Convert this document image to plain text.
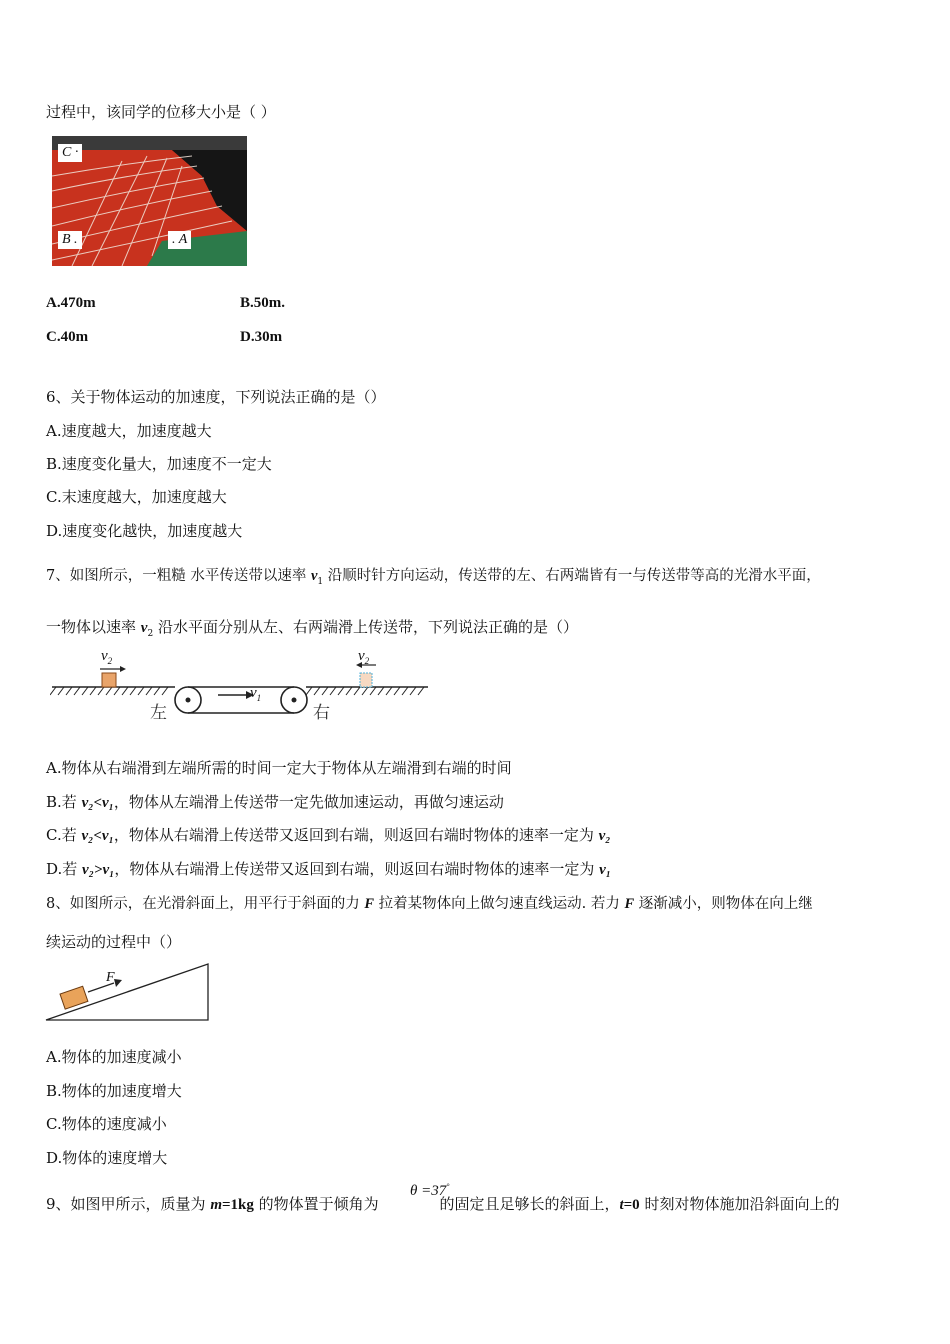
过程中，该同学的位移大小是（ ）
C ·
B .	. A
A.470m	B.50m.
C.40m	D.30m
6、关于物体运动的加速度，下列说法正确的是（）
A.速度越大，加速度越大
B.速度变化量大，加速度不一定大
C.末速度越大，加速度越大
D.速度变化越快，加速度越大
7、如图所示，一粗糙 水平传送带以速率 $v_1$ 沿顺时针方向运动，传送带的左、右两端皆有一与传送带等高的光滑水平面，
一物体以速率 $v_2$ 沿水平面分别从左、右两端滑上传送带，下列说法正确的是（）
$v_2$
$v_1$
$v_2$
左	右
A.物体从右端滑到左端所需的时间一定大于物体从左端滑到右端的时间
B.若 v₂<v₁，物体从左端滑上传送带一定先做加速运动，再做匀速运动
C.若 v₂<v₁，物体从右端滑上传送带又返回到右端，则返回右端时物体的速率一定为 v₂
D.若 v₂>v₁，物体从右端滑上传送带又返回到右端，则返回右端时物体的速率一定为 v₁
8、如图所示，在光滑斜面上，用平行于斜面的力 F 拉着某物体向上做匀速直线运动. 若力 F 逐渐减小，则物体在向上继
续运动的过程中（）
F
A.物体的加速度减小
B.物体的加速度增大
C.物体的速度减小
D.物体的速度增大
9、如图甲所示，质量为 m=1kg 的物体置于倾角为	的固定且足够长的斜面上，t=0 时刻对物体施加沿斜面向上的
θ =37°
